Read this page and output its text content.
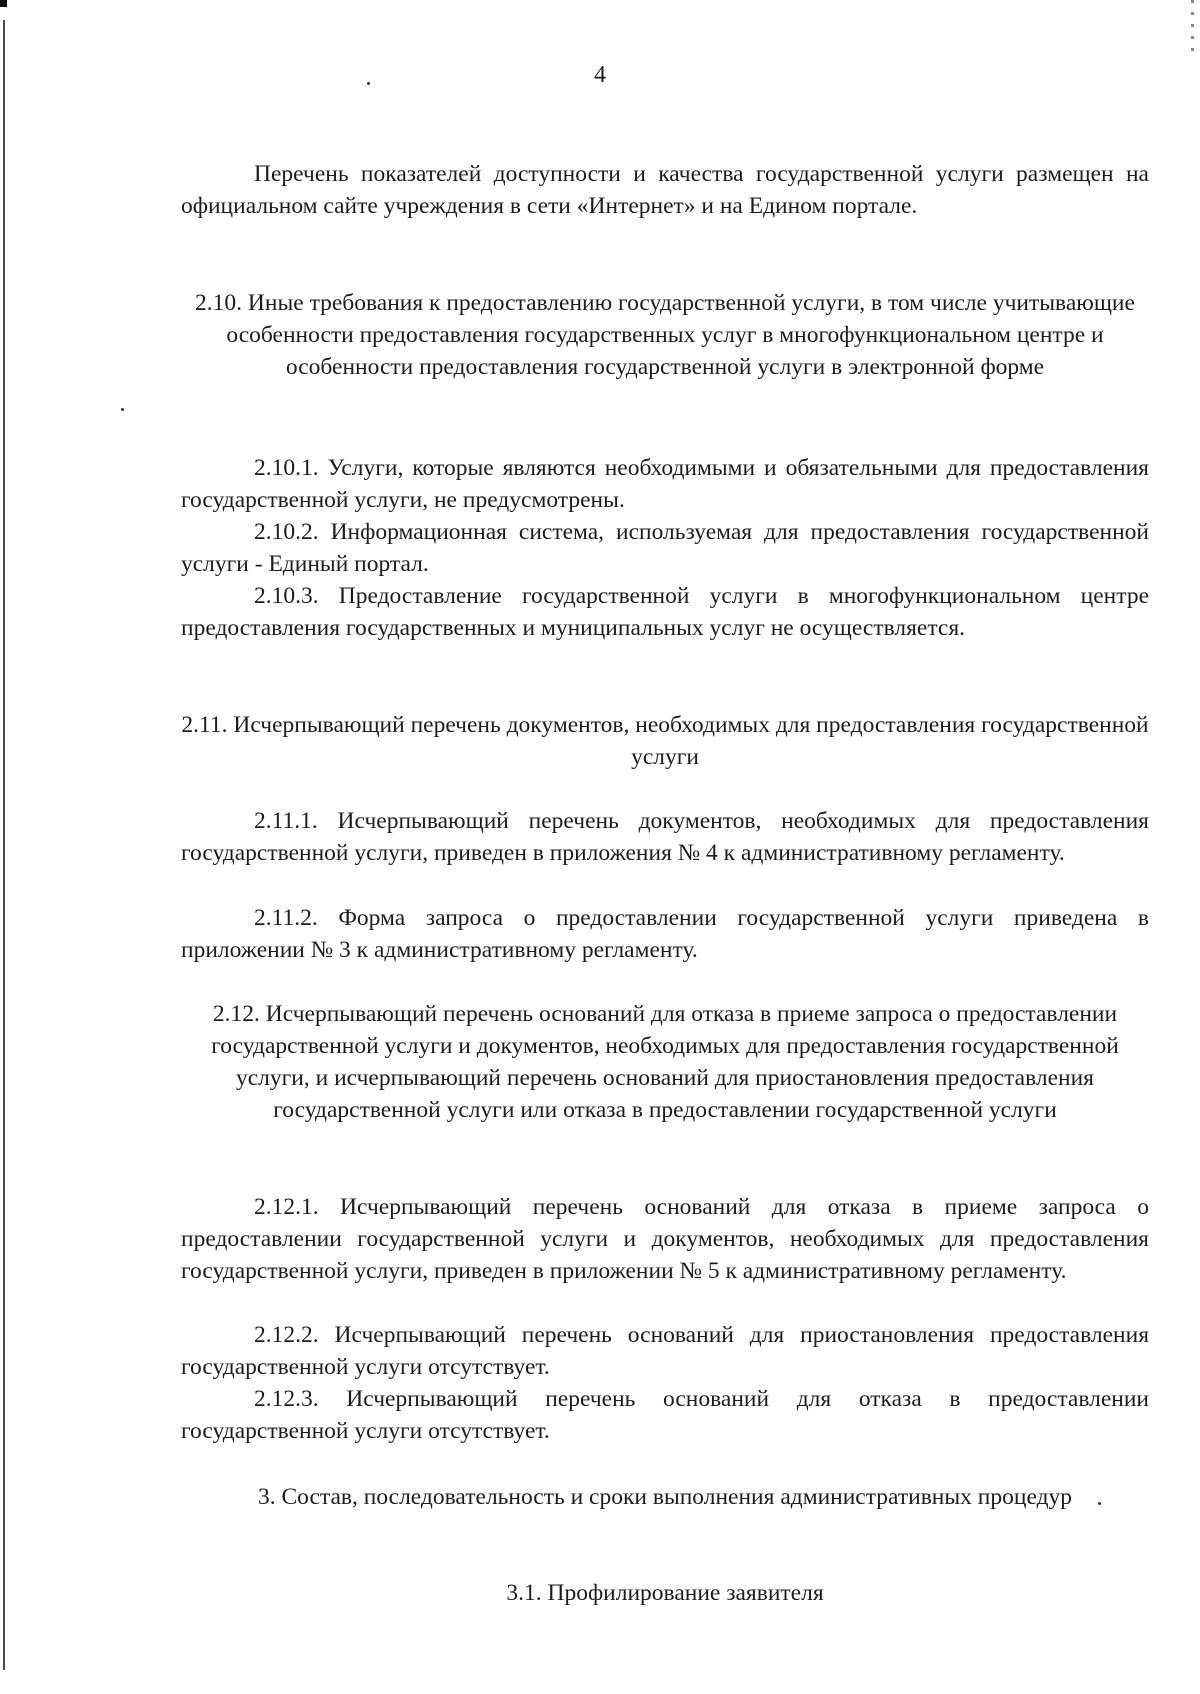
4

Перечень показателей доступности и качества государственной услуги размещен на официальном сайте учреждения в сети «Интернет» и на Едином портале.

2.10. Иные требования к предоставлению государственной услуги, в том числе учитывающие особенности предоставления государственных услуг в многофункциональном центре и особенности предоставления государственной услуги в электронной форме

2.10.1. Услуги, которые являются необходимыми и обязательными для предоставления государственной услуги, не предусмотрены.

2.10.2. Информационная система, используемая для предоставления государственной услуги - Единый портал.

2.10.3. Предоставление государственной услуги в многофункциональном центре предоставления государственных и муниципальных услуг не осуществляется.

2.11. Исчерпывающий перечень документов, необходимых для предоставления государственной услуги

2.11.1. Исчерпывающий перечень документов, необходимых для предоставления государственной услуги, приведен в приложения № 4 к административному регламенту.

2.11.2. Форма запроса о предоставлении государственной услуги приведена в приложении № 3 к административному регламенту.

2.12. Исчерпывающий перечень оснований для отказа в приеме запроса о предоставлении государственной услуги и документов, необходимых для предоставления государственной услуги, и исчерпывающий перечень оснований для приостановления предоставления государственной услуги или отказа в предоставлении государственной услуги

2.12.1. Исчерпывающий перечень оснований для отказа в приеме запроса о предоставлении государственной услуги и документов, необходимых для предоставления государственной услуги, приведен в приложении № 5 к административному регламенту.

2.12.2. Исчерпывающий перечень оснований для приостановления предоставления государственной услуги отсутствует.

2.12.3. Исчерпывающий перечень оснований для отказа в предоставлении государственной услуги отсутствует.

3. Состав, последовательность и сроки выполнения административных процедур

3.1. Профилирование заявителя
